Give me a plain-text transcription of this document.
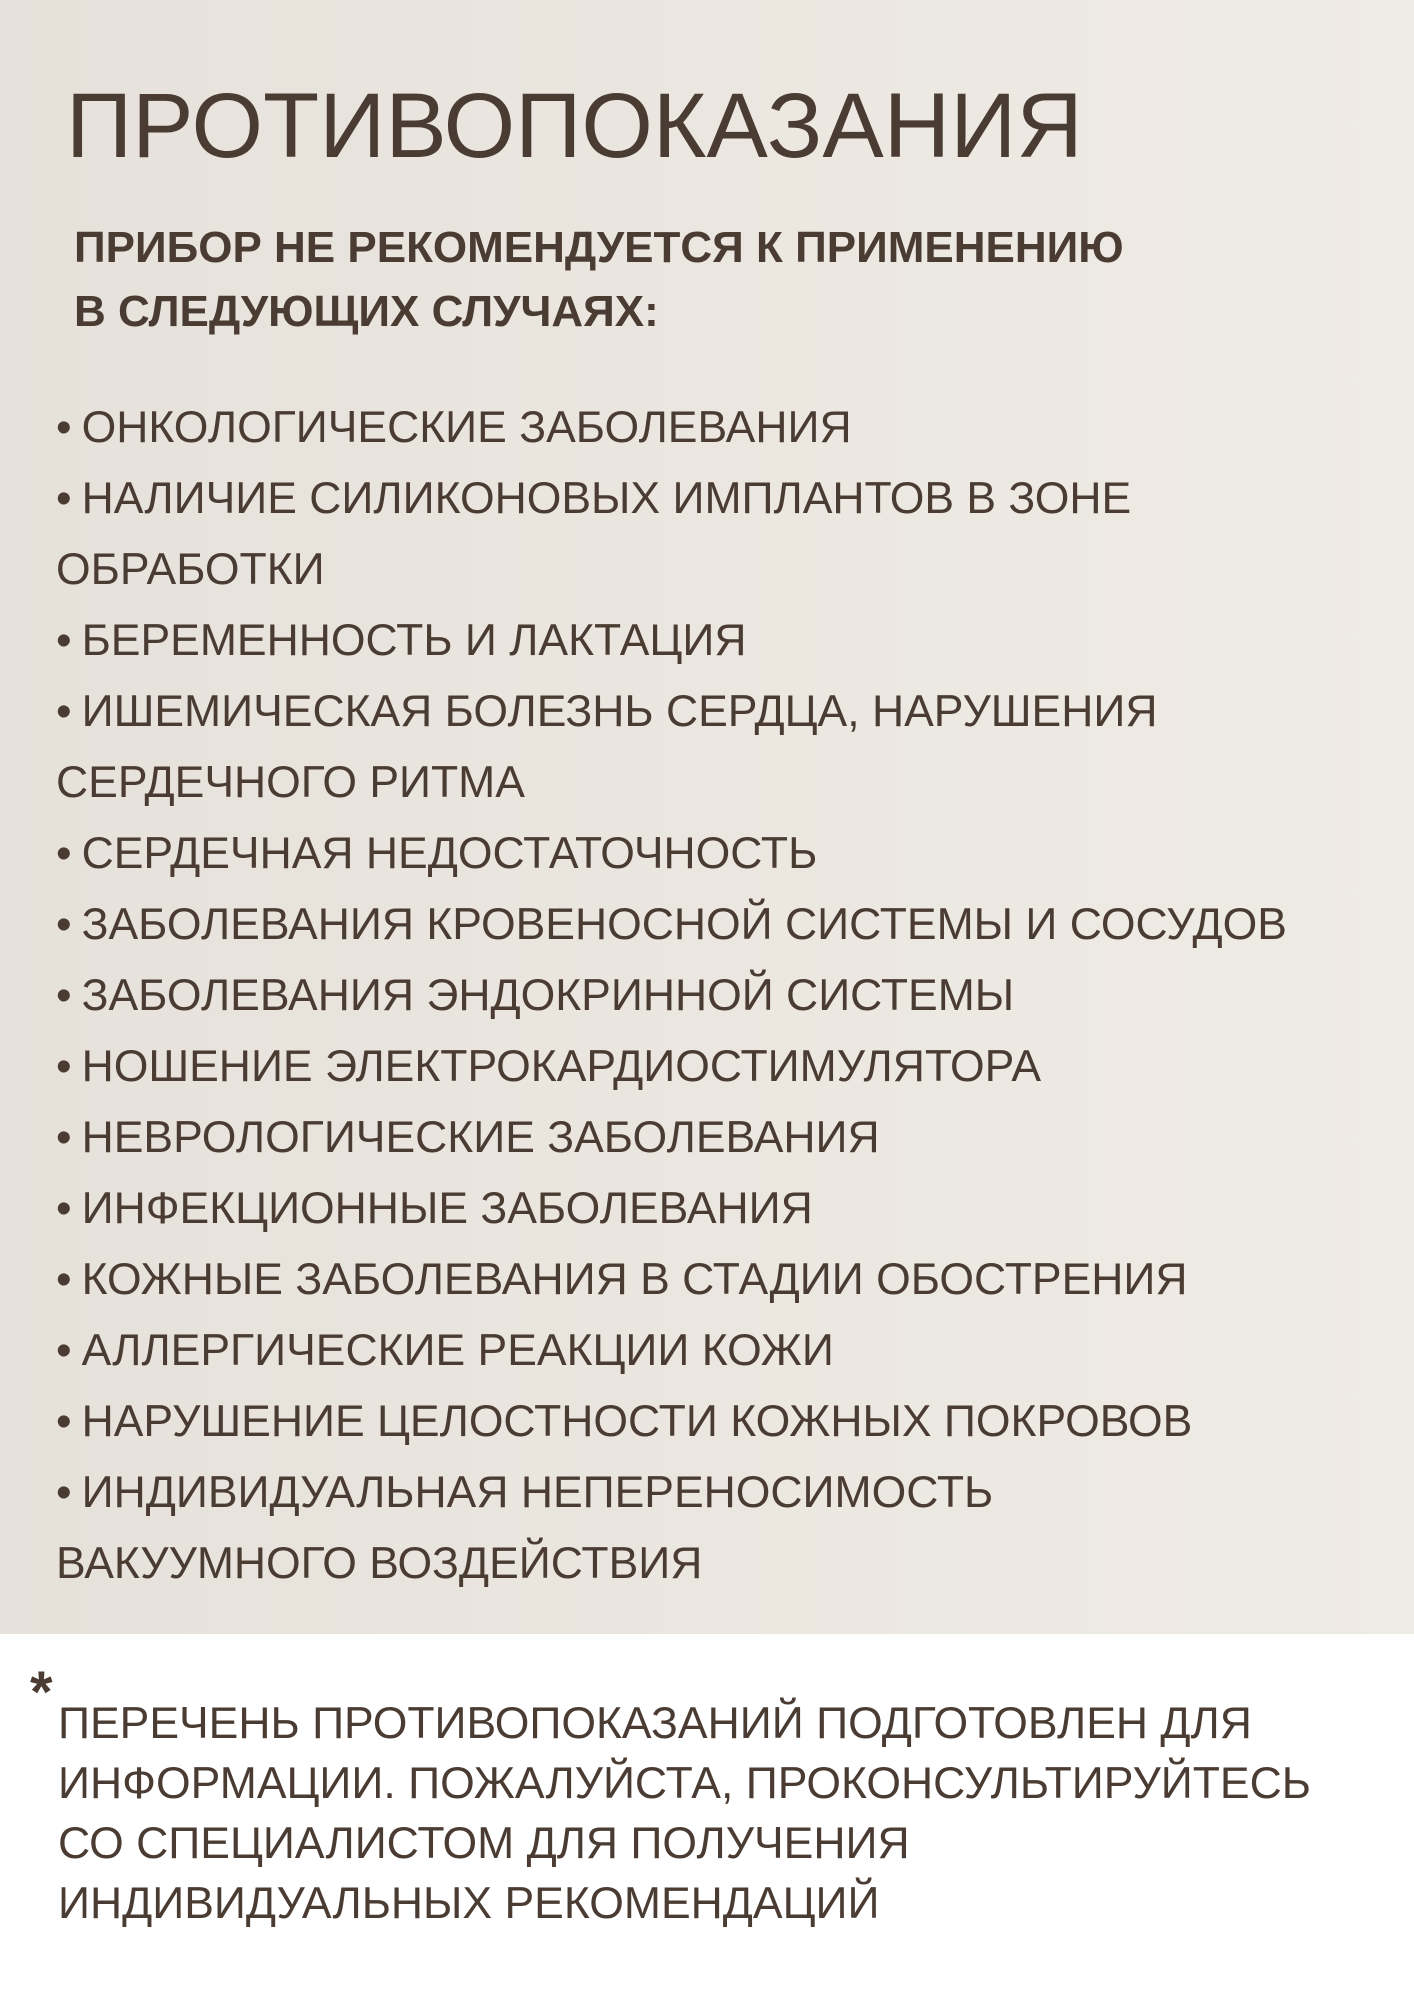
ПРОТИВОПОКАЗАНИЯ
ПРИБОР НЕ РЕКОМЕНДУЕТСЯ К ПРИМЕНЕНИЮ
В СЛЕДУЮЩИХ СЛУЧАЯХ:
• ОНКОЛОГИЧЕСКИЕ ЗАБОЛЕВАНИЯ
• НАЛИЧИЕ СИЛИКОНОВЫХ ИМПЛАНТОВ В ЗОНЕ
ОБРАБОТКИ
• БЕРЕМЕННОСТЬ И ЛАКТАЦИЯ
• ИШЕМИЧЕСКАЯ БОЛЕЗНЬ СЕРДЦА, НАРУШЕНИЯ
СЕРДЕЧНОГО РИТМА
• СЕРДЕЧНАЯ НЕДОСТАТОЧНОСТЬ
• ЗАБОЛЕВАНИЯ КРОВЕНОСНОЙ СИСТЕМЫ И СОСУДОВ
• ЗАБОЛЕВАНИЯ ЭНДОКРИННОЙ СИСТЕМЫ
• НОШЕНИЕ ЭЛЕКТРОКАРДИОСТИМУЛЯТОРА
• НЕВРОЛОГИЧЕСКИЕ ЗАБОЛЕВАНИЯ
• ИНФЕКЦИОННЫЕ ЗАБОЛЕВАНИЯ
• КОЖНЫЕ ЗАБОЛЕВАНИЯ В СТАДИИ ОБОСТРЕНИЯ
• АЛЛЕРГИЧЕСКИЕ РЕАКЦИИ КОЖИ
• НАРУШЕНИЕ ЦЕЛОСТНОСТИ КОЖНЫХ ПОКРОВОВ
• ИНДИВИДУАЛЬНАЯ НЕПЕРЕНОСИМОСТЬ
ВАКУУМНОГО ВОЗДЕЙСТВИЯ
* ПЕРЕЧЕНЬ ПРОТИВОПОКАЗАНИЙ ПОДГОТОВЛЕН ДЛЯ
ИНФОРМАЦИИ. ПОЖАЛУЙСТА, ПРОКОНСУЛЬТИРУЙТЕСЬ
СО СПЕЦИАЛИСТОМ ДЛЯ ПОЛУЧЕНИЯ
ИНДИВИДУАЛЬНЫХ РЕКОМЕНДАЦИЙ
